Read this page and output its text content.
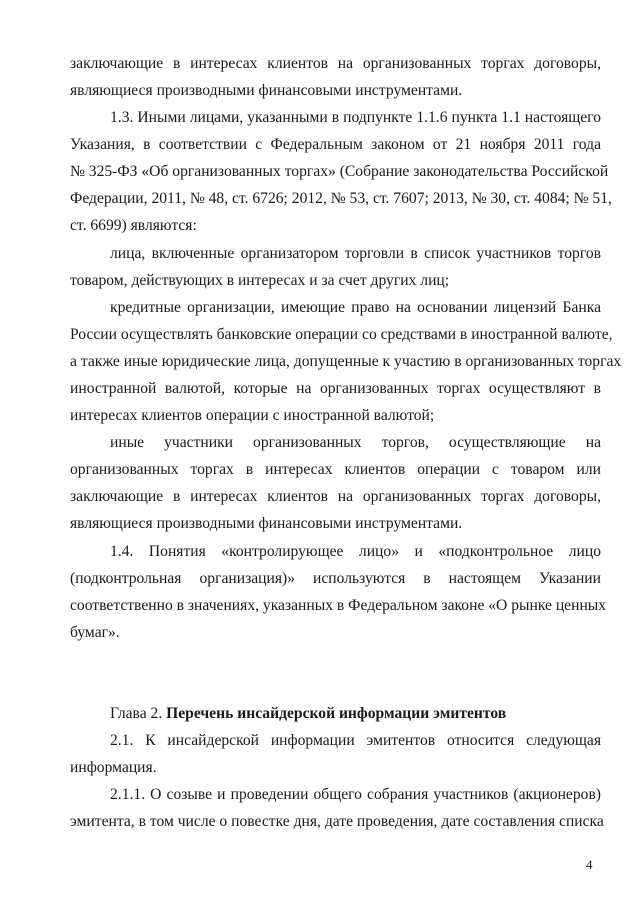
заключающие в интересах клиентов на организованных торгах договоры,
являющиеся производными финансовыми инструментами.
1.3. Иными лицами, указанными в подпункте 1.1.6 пункта 1.1 настоящего
Указания, в соответствии с Федеральным законом от 21 ноября 2011 года
№ 325-ФЗ «Об организованных торгах» (Собрание законодательства Российской
Федерации, 2011, № 48, ст. 6726; 2012, № 53, ст. 7607; 2013, № 30, ст. 4084; № 51,
ст. 6699) являются:
лица, включенные организатором торговли в список участников торгов
товаром, действующих в интересах и за счет других лиц;
кредитные организации, имеющие право на основании лицензий Банка
России осуществлять банковские операции со средствами в иностранной валюте,
а также иные юридические лица, допущенные к участию в организованных торгах
иностранной валютой, которые на организованных торгах осуществляют в
интересах клиентов операции с иностранной валютой;
иные участники организованных торгов, осуществляющие на
организованных торгах в интересах клиентов операции с товаром или
заключающие в интересах клиентов на организованных торгах договоры,
являющиеся производными финансовыми инструментами.
1.4. Понятия «контролирующее лицо» и «подконтрольное лицо
(подконтрольная организация)» используются в настоящем Указании
соответственно в значениях, указанных в Федеральном законе «О рынке ценных
бумаг».
Глава 2. Перечень инсайдерской информации эмитентов
2.1. К инсайдерской информации эмитентов относится следующая
информация.
2.1.1. О созыве и проведении общего собрания участников (акционеров)
эмитента, в том числе о повестке дня, дате проведения, дате составления списка
4
